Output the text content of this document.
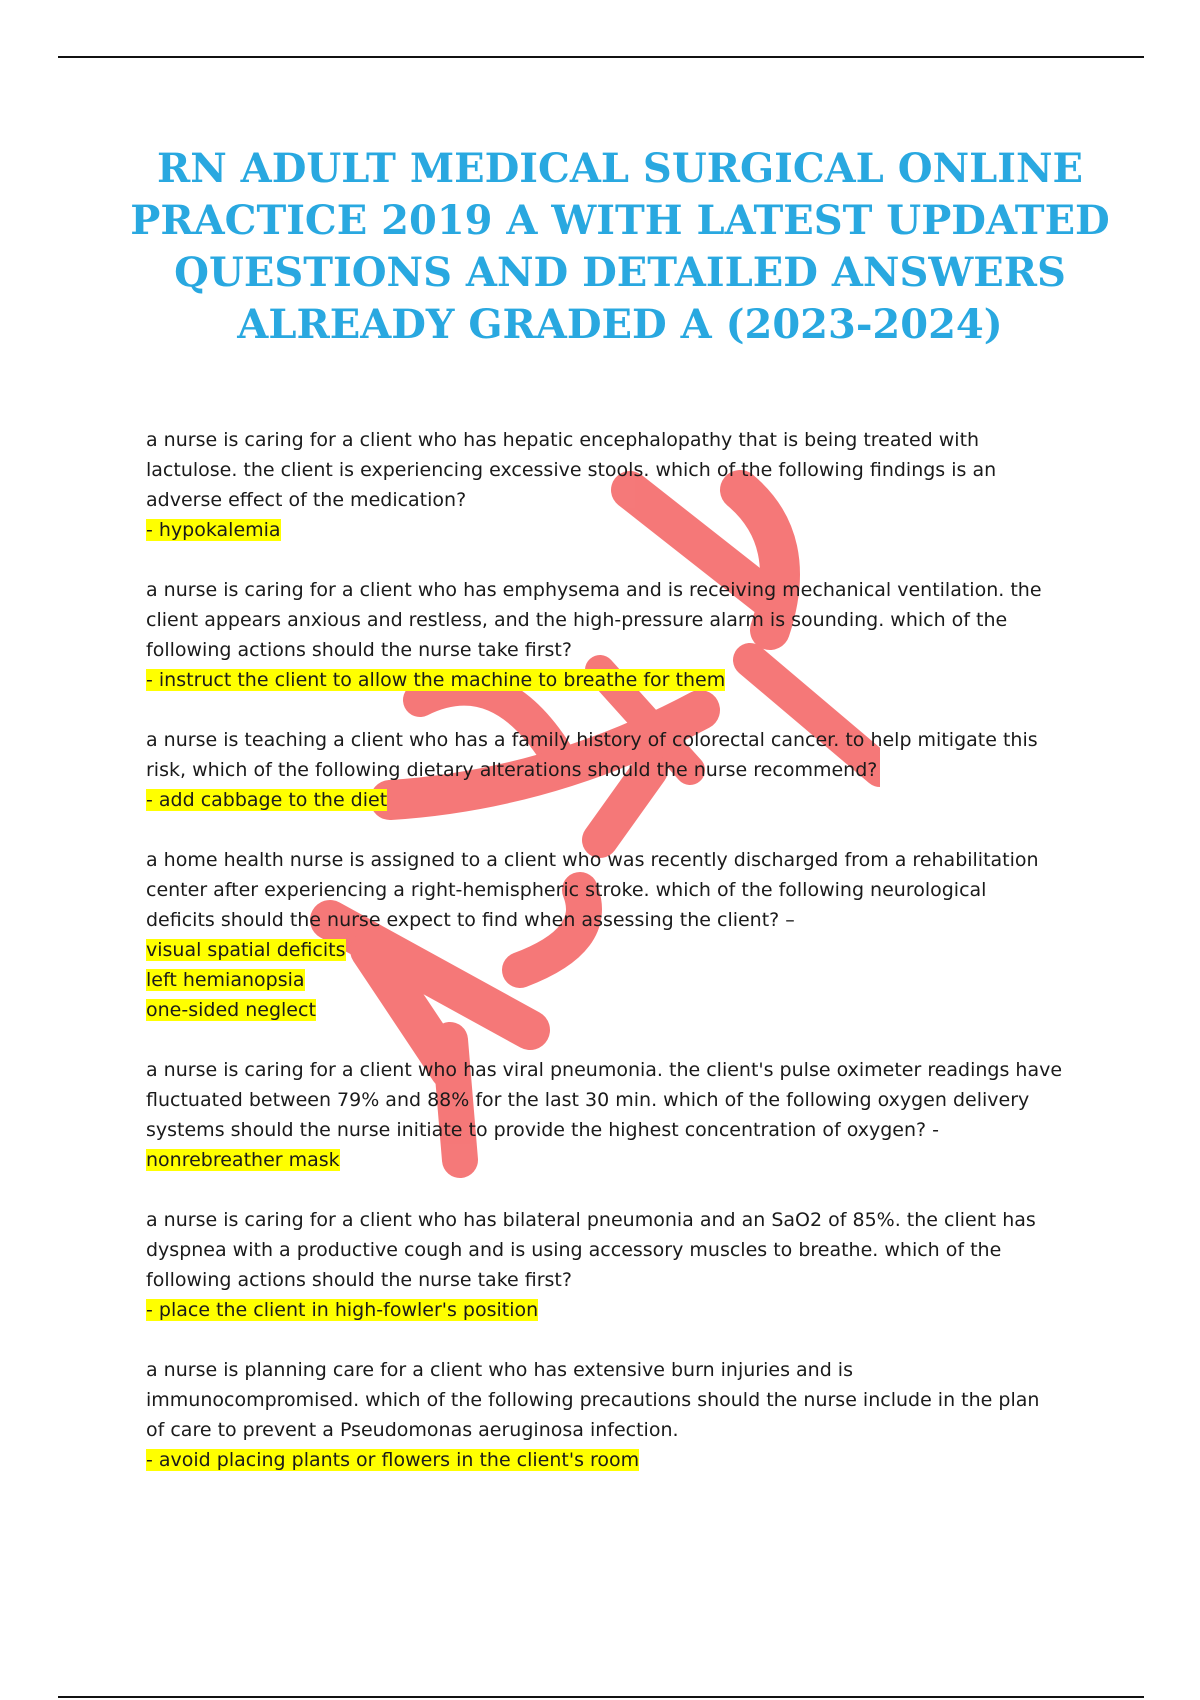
RN ADULT MEDICAL SURGICAL ONLINE
PRACTICE 2019 A WITH LATEST UPDATED
QUESTIONS AND DETAILED ANSWERS
ALREADY GRADED A (2023-2024)
a nurse is caring for a client who has hepatic encephalopathy that is being treated with
lactulose. the client is experiencing excessive stools. which of the following findings is an
adverse effect of the medication?
- hypokalemia
a nurse is caring for a client who has emphysema and is receiving mechanical ventilation. the
client appears anxious and restless, and the high-pressure alarm is sounding. which of the
following actions should the nurse take first?
- instruct the client to allow the machine to breathe for them
a nurse is teaching a client who has a family history of colorectal cancer. to help mitigate this
risk, which of the following dietary alterations should the nurse recommend?
- add cabbage to the diet
a home health nurse is assigned to a client who was recently discharged from a rehabilitation
center after experiencing a right-hemispheric stroke. which of the following neurological
deficits should the nurse expect to find when assessing the client? –
visual spatial deficits
left hemianopsia
one-sided neglect
a nurse is caring for a client who has viral pneumonia. the client's pulse oximeter readings have
fluctuated between 79% and 88% for the last 30 min. which of the following oxygen delivery
systems should the nurse initiate to provide the highest concentration of oxygen? -
nonrebreather mask
a nurse is caring for a client who has bilateral pneumonia and an SaO2 of 85%. the client has
dyspnea with a productive cough and is using accessory muscles to breathe. which of the
following actions should the nurse take first?
- place the client in high-fowler's position
a nurse is planning care for a client who has extensive burn injuries and is
immunocompromised. which of the following precautions should the nurse include in the plan
of care to prevent a Pseudomonas aeruginosa infection.
- avoid placing plants or flowers in the client's room
